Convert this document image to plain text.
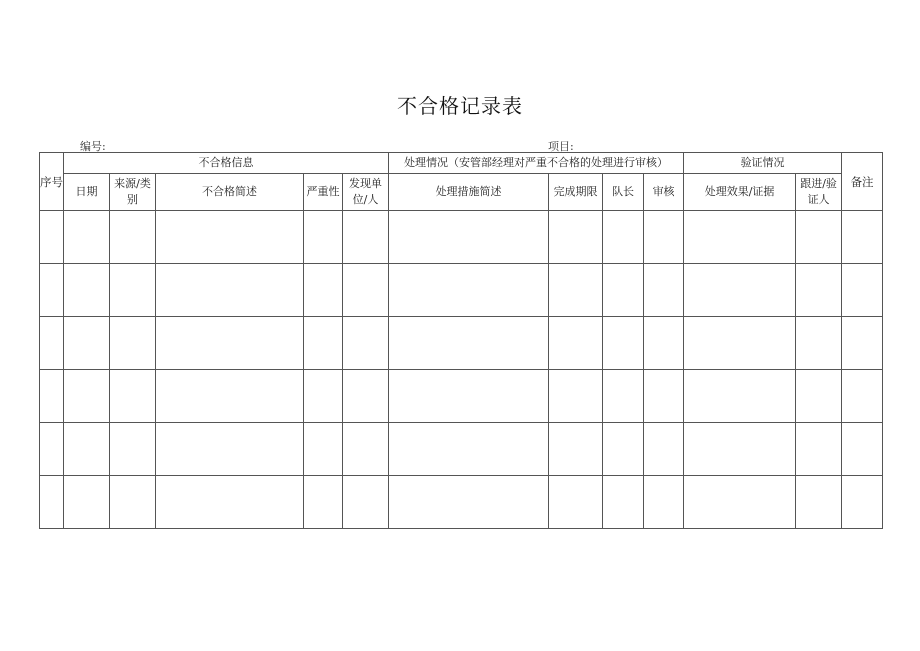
不合格记录表
编号:	项目:
序号	不合格信息					处理情况（安管部经理对严重不合格的处理进行审核）				验证情况		备注
	日期	来源/类别	不合格简述	严重性	发现单位/人	处理措施简述	完成期限	队长	审核	处理效果/证据	跟进/验证人	
